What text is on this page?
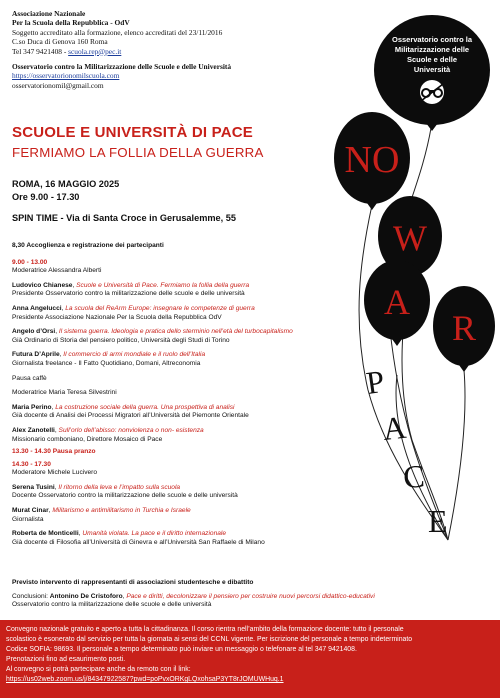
Associazione Nazionale
Per la Scuola della Repubblica - OdV
Soggetto accreditato alla formazione, elenco accreditati del 23/11/2016
C.so Duca di Genova 160 Roma
Tel 347 9421408 - scuola.rep@pec.it
Osservatorio contro la Militarizzazione delle Scuole e delle Università
https://osservatorionomilscuola.com
osservatorionomil@gmail.com
SCUOLE E UNIVERSITÀ DI PACE
FERMIAMO LA FOLLIA DELLA GUERRA
ROMA, 16 MAGGIO 2025
Ore 9.00 - 17.30
SPIN TIME - Via di Santa Croce in Gerusalemme, 55
Osservatorio contro la
Militarizzazione delle
Scuole e delle
Università
NO
W
A
R
P
A
C
E
8,30 Accoglienza e registrazione dei partecipanti
9.00 - 13.00
Moderatrice Alessandra Alberti
Ludovico Chianese, Scuole e Università di Pace. Fermiamo la follia della guerra
Presidente Osservatorio contro la militarizzazione delle scuole e delle università
Anna Angelucci, La scuola del ReArm Europe: insegnare le competenze di guerra
Presidente Associazione Nazionale Per la Scuola della Repubblica OdV
Angelo d’Orsi, Il sistema guerra. Ideologia e pratica dello sterminio nell’età del turbocapitalismo
Già Ordinario di Storia del pensiero politico, Università degli Studi di Torino
Futura D’Aprile, Il commercio di armi mondiale e il ruolo dell’Italia
Giornalista freelance - Il Fatto Quotidiano, Domani, Altreconomia
Pausa caffè
Moderatrice Maria Teresa Silvestrini
Maria Perino, La costruzione sociale della guerra. Una prospettiva di analisi
Già docente di Analisi dei Processi Migratori all’Università del Piemonte Orientale
Alex Zanotelli, Sull’orlo dell’abisso: nonviolenza o non- esistenza
Missionario comboniano, Direttore Mosaico di Pace
13.30 - 14.30 Pausa pranzo
14.30 - 17.30
Moderatore Michele Lucivero
Serena Tusini, Il ritorno della leva e l’impatto sulla scuola
Docente Osservatorio contro la militarizzazione delle scuole e delle università
Murat Cinar, Militarismo e antimilitarismo in Turchia e Israele
Giornalista
Roberta de Monticelli, Umanità violata. La pace e il diritto internazionale
Già docente di Filosofia all’Università di Ginevra e all’Università San Raffaele di Milano
Previsto intervento di rappresentanti di associazioni studentesche e dibattito
Conclusioni: Antonino De Cristoforo, Pace e diritti, decolonizzare il pensiero per costruire nuovi percorsi didattico-educativi
Osservatorio contro la militarizzazione delle scuole e delle università
Convegno nazionale gratuito e aperto a tutta la cittadinanza. Il corso rientra nell’ambito della formazione docente: tutto il personale
scolastico è esonerato dal servizio per tutta la giornata ai sensi del CCNL vigente. Per iscrizione del personale a tempo indeterminato
Codice SOFIA: 98693. Il personale a tempo determinato può inviare un messaggio o telefonare al tel 347 9421408.
Prenotazioni fino ad esaurimento posti.
Al convegno si potrà partecipare anche da remoto con il link:
https://us02web.zoom.us/j/84347922587?pwd=poPvxORKgLQxohsaP3YT8rJOMUWHuq.1
